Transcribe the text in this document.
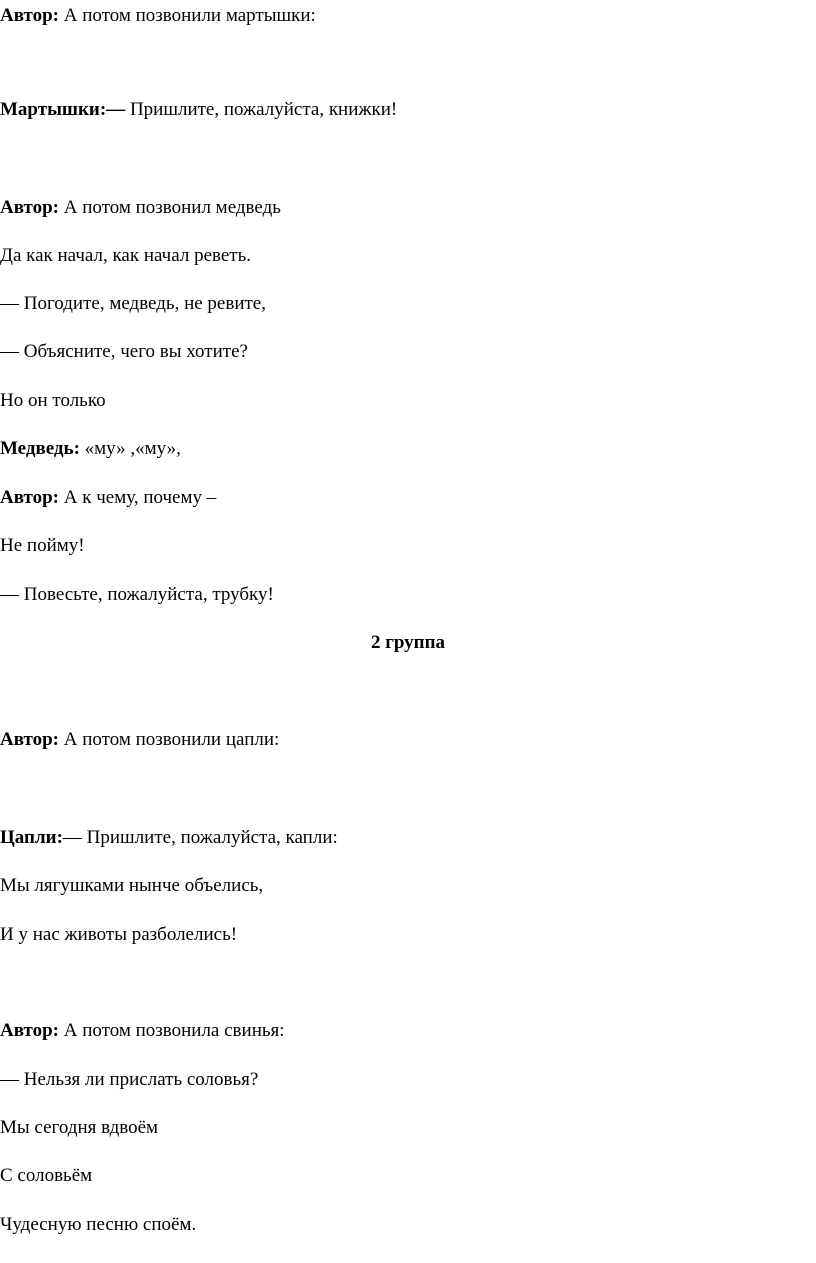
Автор: А потом позвонили мартышки:
Мартышки:— Пришлите, пожалуйста, книжки!
Автор: А потом позвонил медведь
Да как начал, как начал реветь.
— Погодите, медведь, не ревите,
— Объясните, чего вы хотите?
Но он только
Медведь: «му» ,«му»,
Автор: А к чему, почему –
Не пойму!
— Повесьте, пожалуйста, трубку!
2 группа
Автор: А потом позвонили цапли:
Цапли:— Пришлите, пожалуйста, капли:
Мы лягушками нынче объелись,
И у нас животы разболелись!
Автор: А потом позвонила свинья:
— Нельзя ли прислать соловья?
Мы сегодня вдвоём
С соловьём
Чудесную песню споём.
